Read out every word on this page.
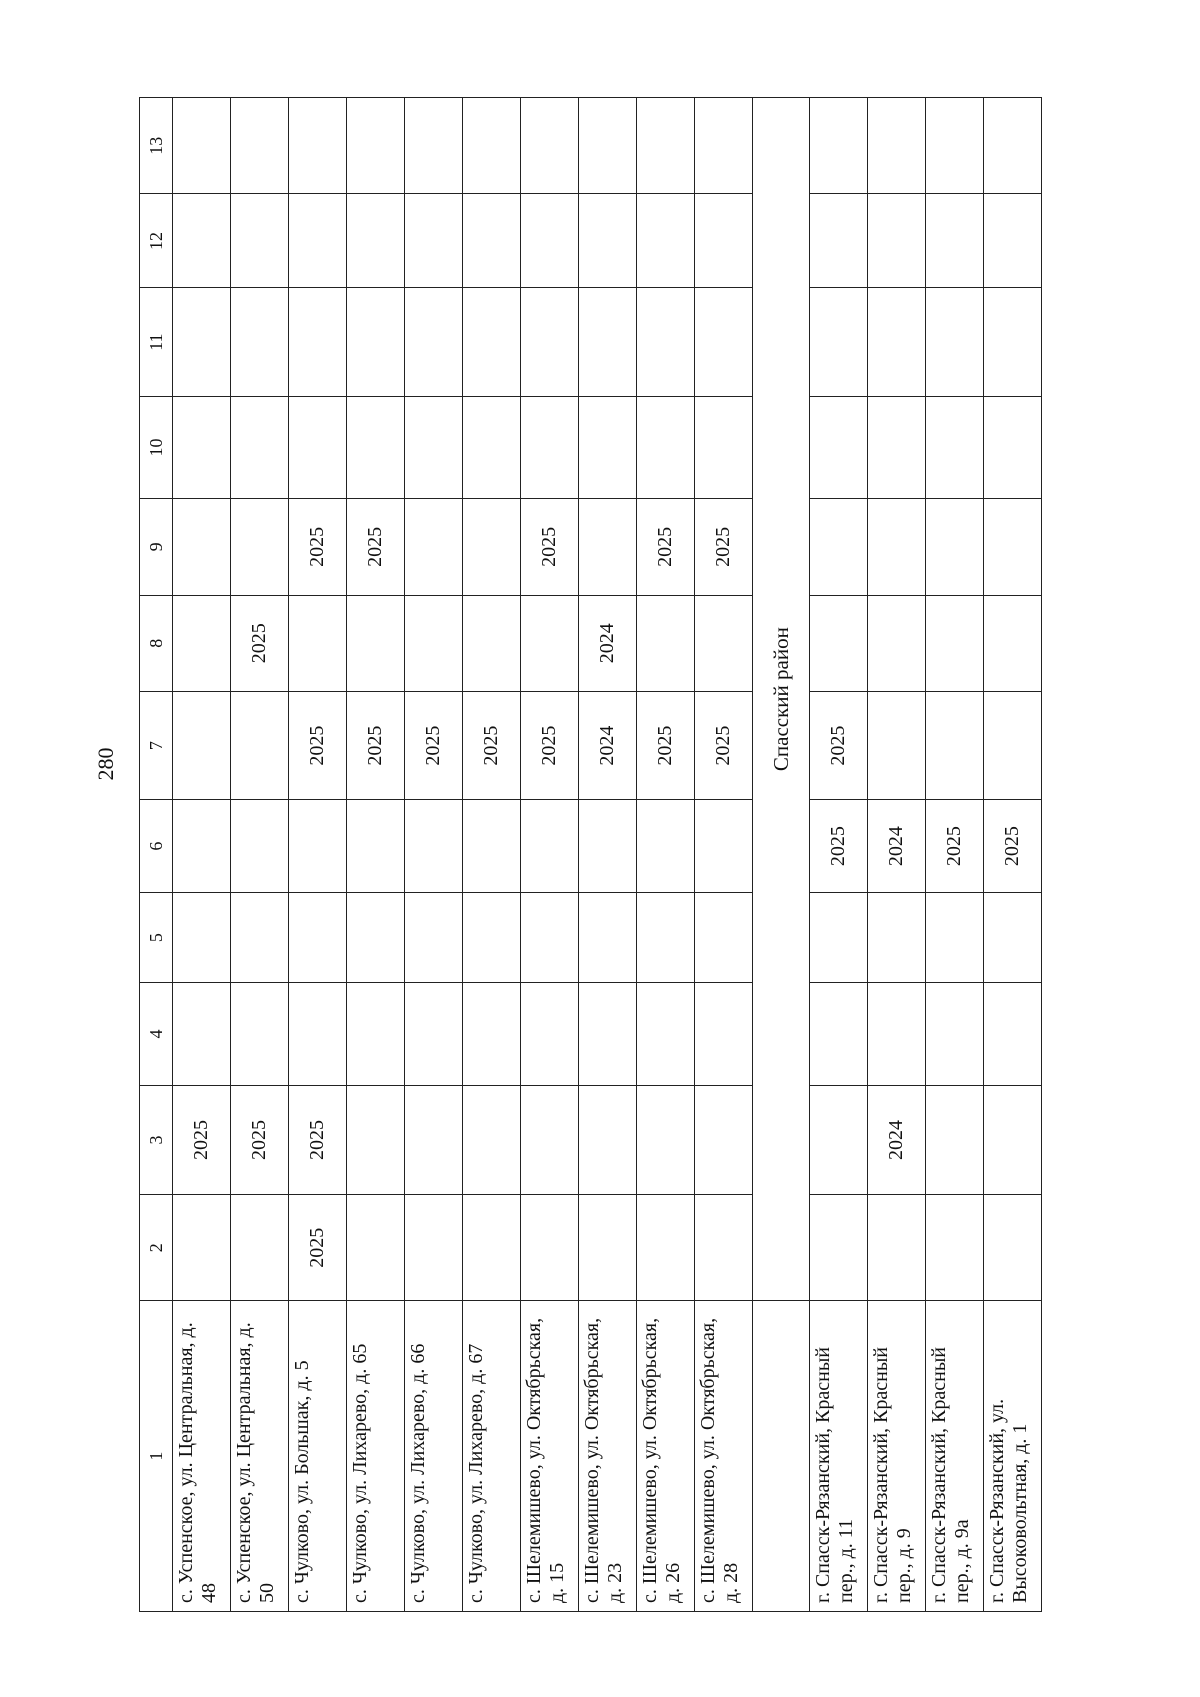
280
1	2	3	4	5	6	7	8	9	10	11	12	13
с. Успенское, ул. Центральная, д. 48		2025										
с. Успенское, ул. Центральная, д. 50		2025					2025					
с. Чулково, ул. Большак, д. 5	2025	2025				2025		2025				
с. Чулково, ул. Лихарево, д. 65						2025		2025				
с. Чулково, ул. Лихарево, д. 66						2025						
с. Чулково, ул. Лихарево, д. 67						2025						
с. Шелемишево, ул. Октябрьская, д. 15						2025		2025				
с. Шелемишево, ул. Октябрьская, д. 23						2024	2024					
с. Шелемишево, ул. Октябрьская, д. 26						2025		2025				
с. Шелемишево, ул. Октябрьская, д. 28						2025		2025				
	Спасский район											
г. Спасск-Рязанский, Красный пер., д. 11					2025	2025						
г. Спасск-Рязанский, Красный пер., д. 9		2024			2024							
г. Спасск-Рязанский, Красный пер., д. 9а					2025							
г. Спасск-Рязанский, ул. Высоковольтная, д. 1					2025							
